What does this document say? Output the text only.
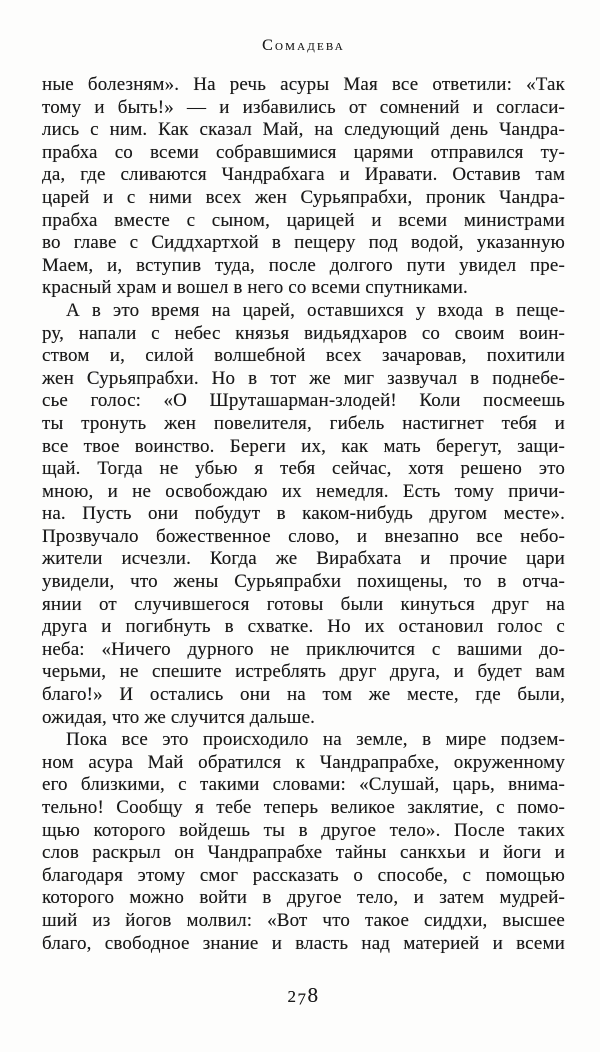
Сомадева

ные болезням». На речь асуры Мая все ответили: «Так
тому и быть!» — и избавились от сомнений и согласи-
лись с ним. Как сказал Май, на следующий день Чандра-
прабха со всеми собравшимися царями отправился ту-
да, где сливаются Чандрабхага и Иравати. Оставив там
царей и с ними всех жен Сурьяпрабхи, проник Чандра-
прабха вместе с сыном, царицей и всеми министрами
во главе с Сиддхартхой в пещеру под водой, указанную
Маем, и, вступив туда, после долгого пути увидел пре-
красный храм и вошел в него со всеми спутниками.

А в это время на царей, оставшихся у входа в пеще-
ру, напали с небес князья видьядхаров со своим воин-
ством и, силой волшебной всех зачаровав, похитили
жен Сурьяпрабхи. Но в тот же миг зазвучал в поднебе-
сье голос: «О Шруташарман-злодей! Коли посмеешь
ты тронуть жен повелителя, гибель настигнет тебя и
все твое воинство. Береги их, как мать берегут, защи-
щай. Тогда не убью я тебя сейчас, хотя решено это
мною, и не освобождаю их немедля. Есть тому причи-
на. Пусть они побудут в каком-нибудь другом месте».
Прозвучало божественное слово, и внезапно все небо-
жители исчезли. Когда же Вирабхата и прочие цари
увидели, что жены Сурьяпрабхи похищены, то в отча-
янии от случившегося готовы были кинуться друг на
друга и погибнуть в схватке. Но их остановил голос с
неба: «Ничего дурного не приключится с вашими до-
черьми, не спешите истреблять друг друга, и будет вам
благо!» И остались они на том же месте, где были,
ожидая, что же случится дальше.

Пока все это происходило на земле, в мире подзем-
ном асура Май обратился к Чандрапрабхе, окруженному
его близкими, с такими словами: «Слушай, царь, внима-
тельно! Сообщу я тебе теперь великое заклятие, с помо-
щью которого войдешь ты в другое тело». После таких
слов раскрыл он Чандрапрабхе тайны санкхьи и йоги и
благодаря этому смог рассказать о способе, с помощью
которого можно войти в другое тело, и затем мудрей-
ший из йогов молвил: «Вот что такое сиддхи, высшее
благо, свободное знание и власть над материей и всеми

278
